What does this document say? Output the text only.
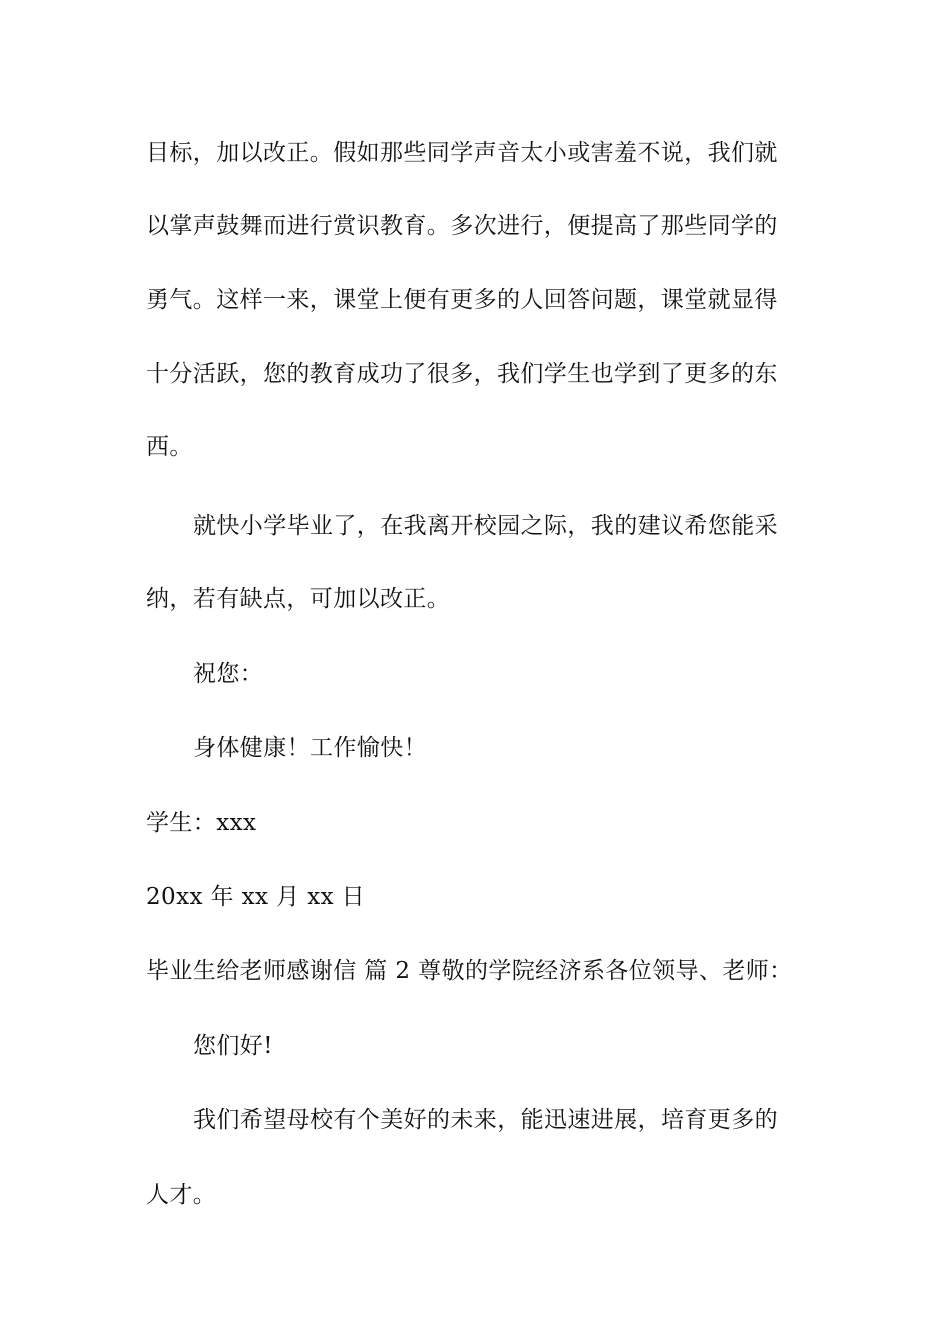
目标，加以改正。假如那些同学声音太小或害羞不说，我们就
以掌声鼓舞而进行赏识教育。多次进行，便提高了那些同学的
勇气。这样一来，课堂上便有更多的人回答问题，课堂就显得
十分活跃，您的教育成功了很多，我们学生也学到了更多的东
西。
就快小学毕业了，在我离开校园之际，我的建议希您能采
纳，若有缺点，可加以改正。
祝您：
身体健康！工作愉快！
学生：xxx
20xx 年 xx 月 xx 日
毕业生给老师感谢信 篇 2 尊敬的学院经济系各位领导、老师：
您们好!
我们希望母校有个美好的未来，能迅速进展，培育更多的
人才。
